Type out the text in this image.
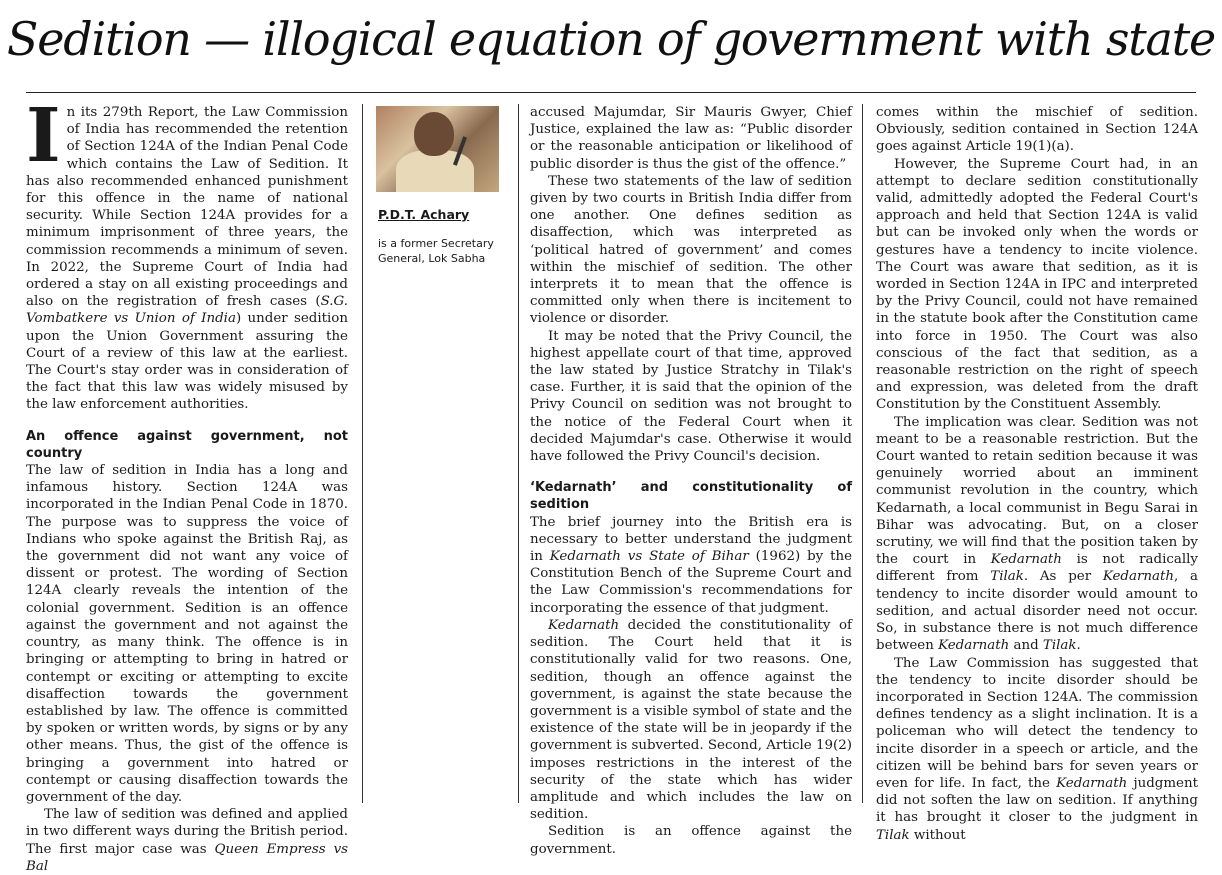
Sedition — illogical equation of government with state

In its 279th Report, the Law Commission of India has recommended the retention of Section 124A of the Indian Penal Code which contains the Law of Sedition. It has also recommended enhanced punishment for this offence in the name of national security. While Section 124A provides for a minimum imprisonment of three years, the commission recommends a minimum of seven. In 2022, the Supreme Court of India had ordered a stay on all existing proceedings and also on the registration of fresh cases (S.G. Vombatkere vs Union of India) under sedition upon the Union Government assuring the Court of a review of this law at the earliest. The Court's stay order was in consideration of the fact that this law was widely misused by the law enforcement authorities.

An offence against government, not country

The law of sedition in India has a long and infamous history. Section 124A was incorporated in the Indian Penal Code in 1870. The purpose was to suppress the voice of Indians who spoke against the British Raj, as the government did not want any voice of dissent or protest. The wording of Section 124A clearly reveals the intention of the colonial government. Sedition is an offence against the government and not against the country, as many think. The offence is in bringing or attempting to bring in hatred or contempt or exciting or attempting to excite disaffection towards the government established by law. The offence is committed by spoken or written words, by signs or by any other means. Thus, the gist of the offence is bringing a government into hatred or contempt or causing disaffection towards the government of the day.

The law of sedition was defined and applied in two different ways during the British period. The first major case was Queen Empress vs Bal

P.D.T. Achary
is a former Secretary General, Lok Sabha

accused Majumdar, Sir Mauris Gwyer, Chief Justice, explained the law as: “Public disorder or the reasonable anticipation or likelihood of public disorder is thus the gist of the offence.”

These two statements of the law of sedition given by two courts in British India differ from one another. One defines sedition as disaffection, which was interpreted as ‘political hatred of government’ and comes within the mischief of sedition. The other interprets it to mean that the offence is committed only when there is incitement to violence or disorder.

It may be noted that the Privy Council, the highest appellate court of that time, approved the law stated by Justice Stratchy in Tilak's case. Further, it is said that the opinion of the Privy Council on sedition was not brought to the notice of the Federal Court when it decided Majumdar's case. Otherwise it would have followed the Privy Council's decision.

‘Kedarnath’ and constitutionality of sedition

The brief journey into the British era is necessary to better understand the judgment in Kedarnath vs State of Bihar (1962) by the Constitution Bench of the Supreme Court and the Law Commission's recommendations for incorporating the essence of that judgment.

Kedarnath decided the constitutionality of sedition. The Court held that it is constitutionally valid for two reasons. One, sedition, though an offence against the government, is against the state because the government is a visible symbol of state and the existence of the state will be in jeopardy if the government is subverted. Second, Article 19(2) imposes restrictions in the interest of the security of the state which has wider amplitude and which includes the law on sedition.

Sedition is an offence against the government.

comes within the mischief of sedition. Obviously, sedition contained in Section 124A goes against Article 19(1)(a).

However, the Supreme Court had, in an attempt to declare sedition constitutionally valid, admittedly adopted the Federal Court's approach and held that Section 124A is valid but can be invoked only when the words or gestures have a tendency to incite violence. The Court was aware that sedition, as it is worded in Section 124A in IPC and interpreted by the Privy Council, could not have remained in the statute book after the Constitution came into force in 1950. The Court was also conscious of the fact that sedition, as a reasonable restriction on the right of speech and expression, was deleted from the draft Constitution by the Constituent Assembly.

The implication was clear. Sedition was not meant to be a reasonable restriction. But the Court wanted to retain sedition because it was genuinely worried about an imminent communist revolution in the country, which Kedarnath, a local communist in Begu Sarai in Bihar was advocating. But, on a closer scrutiny, we will find that the position taken by the court in Kedarnath is not radically different from Tilak. As per Kedarnath, a tendency to incite disorder would amount to sedition, and actual disorder need not occur. So, in substance there is not much difference between Kedarnath and Tilak.

The Law Commission has suggested that the tendency to incite disorder should be incorporated in Section 124A. The commission defines tendency as a slight inclination. It is a policeman who will detect the tendency to incite disorder in a speech or article, and the citizen will be behind bars for seven years or even for life. In fact, the Kedarnath judgment did not soften the law on sedition. If anything it has brought it closer to the judgment in Tilak without
